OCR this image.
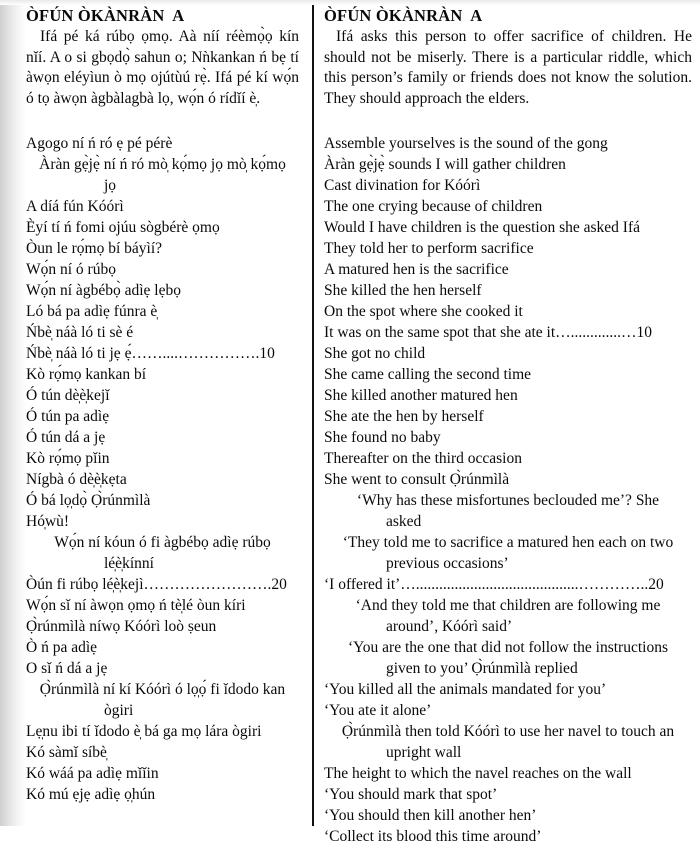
ÒFÚN ÒKÀNRÀN  A

Ifá pé ká rúbọ ọmọ. Aà níí réèmọ̀ọ kín nǐí. A o si gbọdọ̀ sahun o; Nǹkankan ń bẹ tí àwọn eléyìun ò mọ ojútùú rẹ̀. Ifá pé kí wọ́n ó tọ àwọn àgbàlagbà lọ, wọ́n ó rídǐí è̩.

Agogo ní ń ró ẹ pé pérè
Àràn gẹ̀jẹ̀ ní ń ró mò̩ kọ́mọ jọ mò̩ kọ́mọ
jọ
A díá fún Kóórì
Èyí tí ń fomi ojúu sògbérè ọmọ
Òun le rọ́mọ bí báyìí?
Wọ́n ní ó rúbọ
Wọ́n ní àgbébọ̀ adìẹ lẹbọ
Ló bá pa adìẹ fúnra è̩
Ńbè̩ náà ló ti sè é
Ńbè̩ náà ló ti jẹ ẹ́……....…………….10
Kò rọ́mọ kankan bí
Ó tún dè̩è̩kejǐ
Ó tún pa adìẹ
Ó tún dá a jẹ
Kò rọ́mọ pǐin
Nígbà ó dè̩è̩kẹta
Ó bá lọ̩dọ̀ Ọ̀rúnmìlà
Hó̩wù!
Wọ́n ní kóun ó fi àgbébọ adìẹ rúbọ
lé̩è̩kínní
Òún fi rúbọ lé̩è̩kejì…………………….20
Wọ́n sǐ ní àwọn ọmọ ń tè̩lé òun kíri
Ọ̀rúnmìlà níwọ Kóórì loò ṣeun
Ò ń pa adìẹ
O sǐ ń dá a jẹ
Ọ̀rúnmìlà ní kí Kóórì ó lọ̩ọ́ fi ǐdodo kan
ògiri
Lẹ̩nu ibi tí ǐdodo è̩ bá ga mọ lára ògiri
Kó sàmǐ síbè̩
Kó wáá pa adìẹ mǐǐin
Kó mú ẹjẹ adìẹ ọ̩hún
ÒFÚN ÒKÀNRÀN  A

Ifá asks this person to offer sacrifice of children. He should not be miserly. There is a particular riddle, which this person’s family or friends does not know the solution. They should approach the elders.

Assemble yourselves is the sound of the gong
Àràn gẹ̀jẹ̀ sounds I will gather children
Cast divination for Kóórì
The one crying because of children
Would I have children is the question she asked Ifá
They told her to perform sacrifice
A matured hen is the sacrifice
She killed the hen herself
On the spot where she cooked it
It was on the same spot that she ate it….............…10
She got no child
She came calling the second time
She killed another matured hen
She ate the hen by herself
She found no baby
Thereafter on the third occasion
She went to consult Ọ̀rúnmìlà
‘Why has these misfortunes beclouded me’? She
asked
‘They told me to sacrifice a matured hen each on two
previous occasions’
‘I offered it’…..........................................…………..20
‘And they told me that children are following me
around’, Kóórì said’
‘You are the one that did not follow the instructions
given to you’ Ọ̀rúnmìlà replied
‘You killed all the animals mandated for you’
‘You ate it alone’
Ọ̀rúnmìlà then told Kóórì to use her navel to touch an
upright wall
The height to which the navel reaches on the wall
‘You should mark that spot’
‘You should then kill another hen’
‘Collect its blood this time around’
